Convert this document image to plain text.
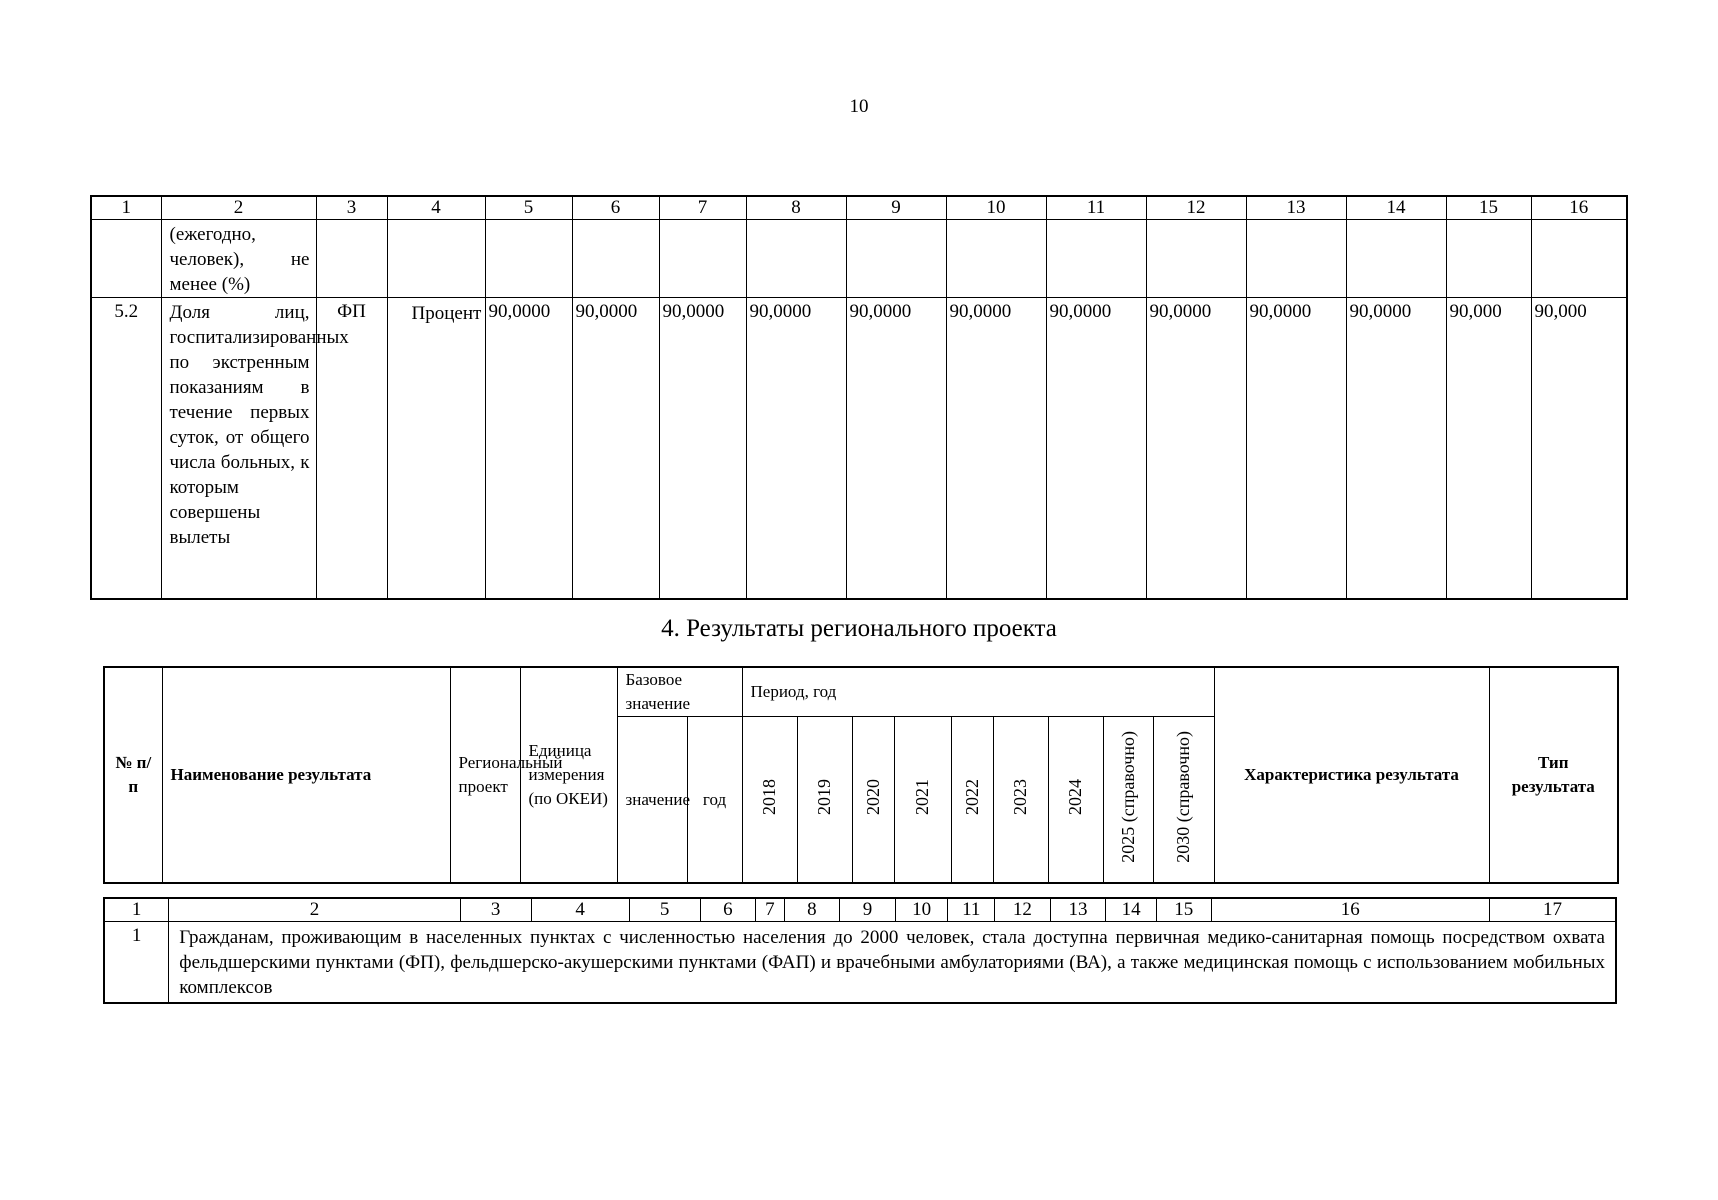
10
1	2	3	4	5	6	7	8	9	10	11	12	13	14	15	16
	(ежегодно, человек), не менее (%)														
5.2	Доля лиц, госпитализированных по экстренным показаниям в течение первых суток, от общего числа больных, к которым совершены вылеты	ФП	Процент	90,0000	90,0000	90,0000	90,0000	90,0000	90,0000	90,0000	90,0000	90,0000	90,0000	90,000	90,000
4. Результаты регионального проекта
№ п/п	Наименование результата	Региональный проект	Единица измерения (по ОКЕИ)	Базовое значение		Период, год									Характеристика результата	Тип результата
				значение	год	2018	2019	2020	2021	2022	2023	2024	2025 (справочно)	2030 (справочно)		
1	2	3	4	5	6	7	8	9	10	11	12	13	14	15	16	17
1	Гражданам, проживающим в населенных пунктах с численностью населения до 2000 человек, стала доступна первичная медико-санитарная помощь посредством охвата фельдшерскими пунктами (ФП), фельдшерско-акушерскими пунктами (ФАП) и врачебными амбулаториями (ВА), а также медицинская помощь с использованием мобильных комплексов															
